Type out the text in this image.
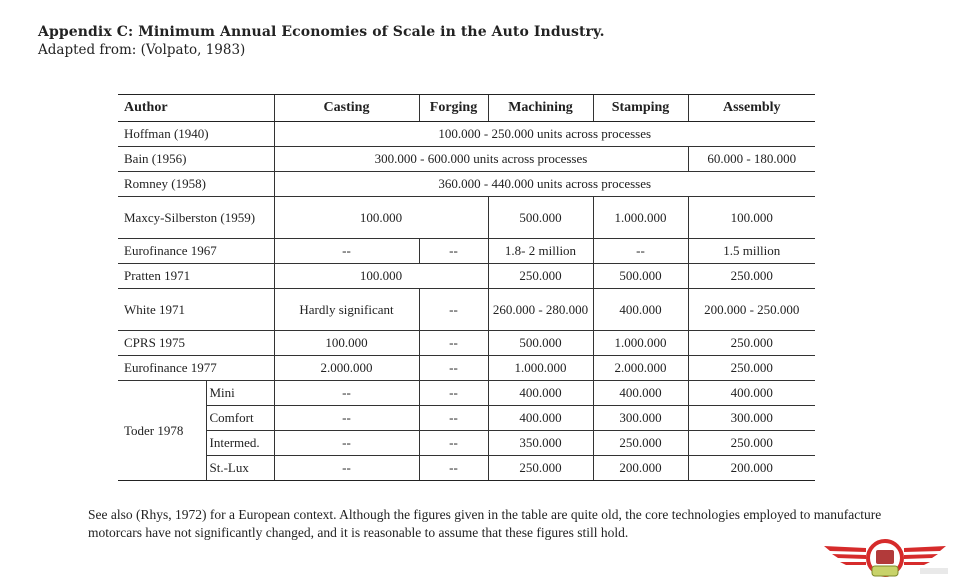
Appendix C: Minimum Annual Economies of Scale in the Auto Industry.
Adapted from: (Volpato, 1983)
Author		Casting	Forging	Machining	Stamping	Assembly
Hoffman (1940)		100.000 - 250.000 units across processes				
Bain (1956)		300.000 - 600.000 units across processes				60.000 - 180.000
Romney (1958)		360.000 - 440.000 units across processes				
Maxcy-Silberston (1959)		100.000		500.000	1.000.000	100.000
Eurofinance 1967		--	--	1.8- 2 million	--	1.5 million
Pratten 1971		100.000		250.000	500.000	250.000
White 1971		Hardly significant	--	260.000 - 280.000	400.000	200.000 - 250.000
CPRS 1975		100.000	--	500.000	1.000.000	250.000
Eurofinance 1977		2.000.000	--	1.000.000	2.000.000	250.000
Toder 1978	Mini	--	--	400.000	400.000	400.000
	Comfort	--	--	400.000	300.000	300.000
	Intermed.	--	--	350.000	250.000	250.000
	St.-Lux	--	--	250.000	200.000	200.000
See also (Rhys, 1972) for a European context. Although the figures given in the table are quite old, the core technologies employed to manufacture motorcars have not significantly changed, and it is reasonable to assume that these figures still hold.
